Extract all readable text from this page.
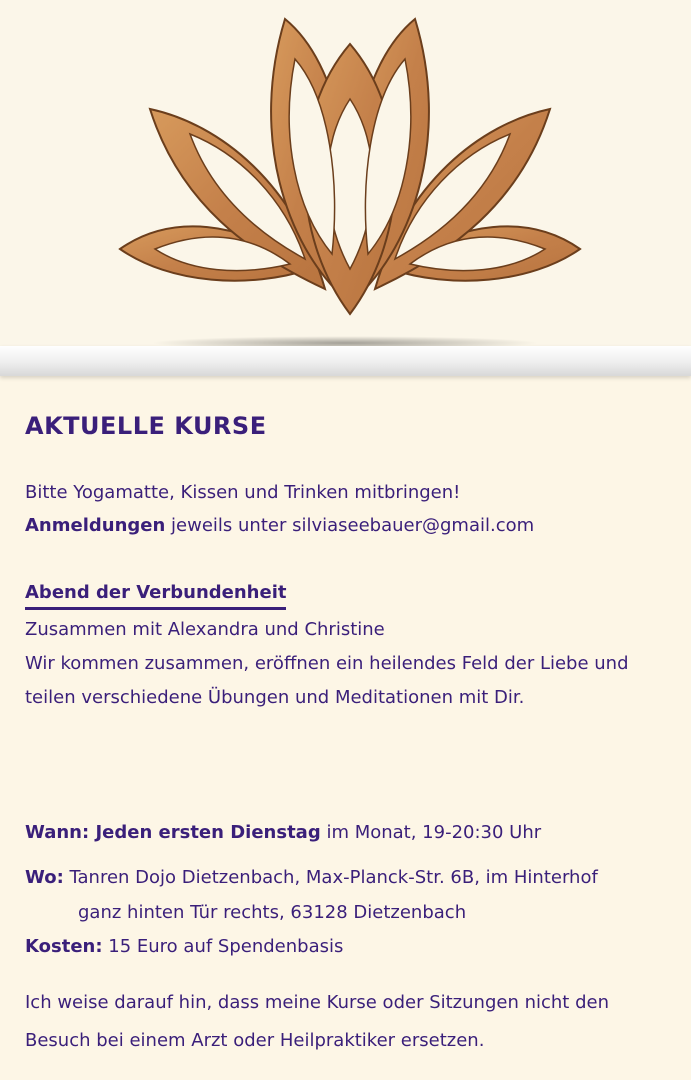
AKTUELLE KURSE
Bitte Yogamatte, Kissen und Trinken mitbringen!
Anmeldungen jeweils unter silviaseebauer@gmail.com
Abend der Verbundenheit
Zusammen mit Alexandra und Christine
Wir kommen zusammen, eröffnen ein heilendes Feld der Liebe und
teilen verschiedene Übungen und Meditationen mit Dir.
Wann: Jeden ersten Dienstag im Monat, 19-20:30 Uhr
Wo: Tanren Dojo Dietzenbach, Max-Planck-Str. 6B, im Hinterhof
ganz hinten Tür rechts, 63128 Dietzenbach
Kosten: 15 Euro auf Spendenbasis
Ich weise darauf hin, dass meine Kurse oder Sitzungen nicht den
Besuch bei einem Arzt oder Heilpraktiker ersetzen.
